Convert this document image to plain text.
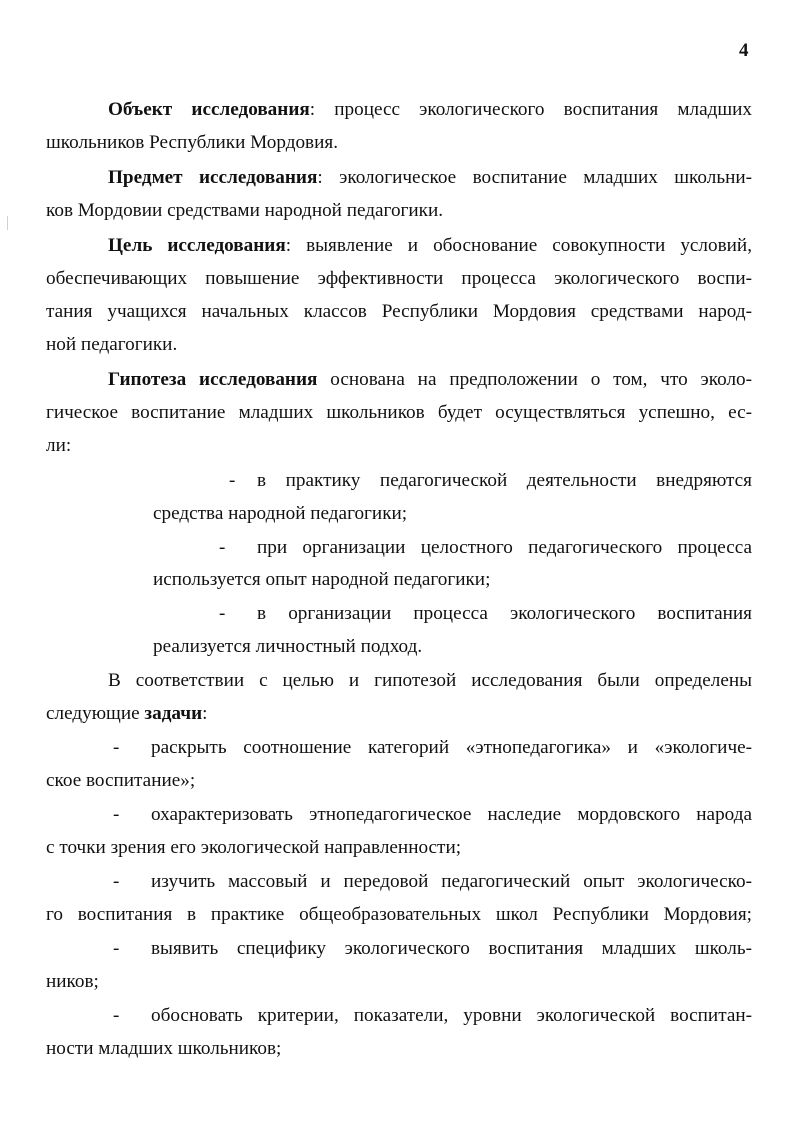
4
Объект исследования: процесс экологического воспитания младших
школьников Республики Мордовия.
Предмет исследования: экологическое воспитание младших школьни-
ков Мордовии средствами народной педагогики.
Цель исследования: выявление и обоснование совокупности условий,
обеспечивающих повышение эффективности процесса экологического воспи-
тания учащихся начальных классов Республики Мордовия средствами народ-
ной педагогики.
Гипотеза исследования основана на предположении о том, что эколо-
гическое воспитание младших школьников будет осуществляться успешно, ес-
ли:
- в практику педагогической деятельности внедряются
средства народной педагогики;
- при организации целостного педагогического процесса
используется опыт народной педагогики;
- в организации процесса экологического воспитания
реализуется личностный подход.
В соответствии с целью и гипотезой исследования были определены
следующие задачи:
- раскрыть соотношение категорий «этнопедагогика» и «экологиче-
ское воспитание»;
- охарактеризовать этнопедагогическое наследие мордовского народа
с точки зрения его экологической направленности;
- изучить массовый и передовой педагогический опыт экологическо-
го воспитания в практике общеобразовательных школ Республики Мордовия;
- выявить специфику экологического воспитания младших школь-
ников;
- обосновать критерии, показатели, уровни экологической воспитан-
ности младших школьников;
